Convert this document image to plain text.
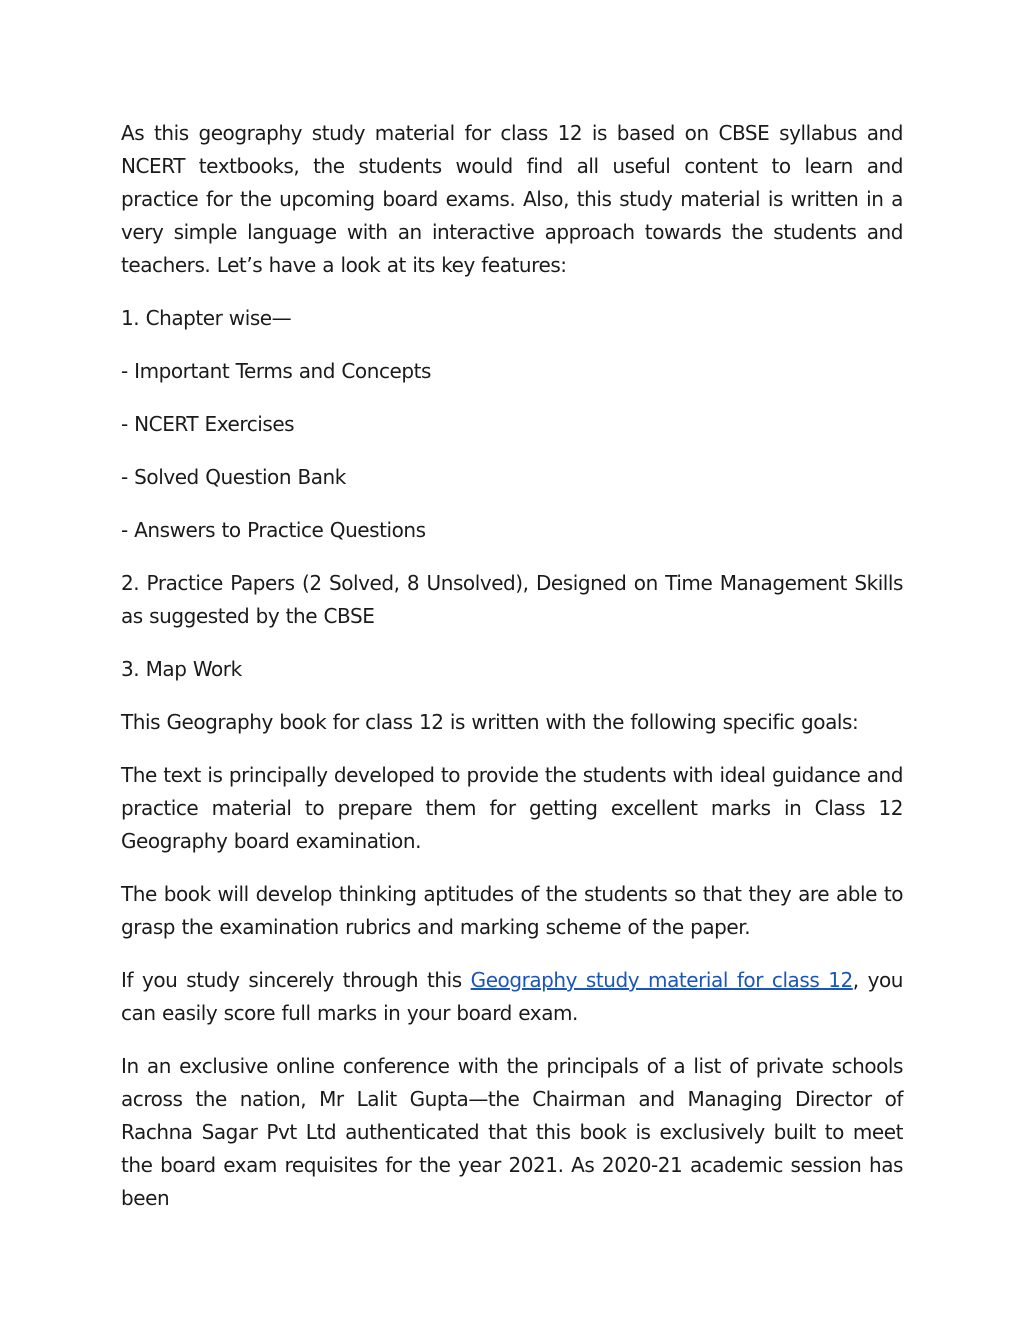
As this geography study material for class 12 is based on CBSE syllabus and NCERT textbooks, the students would find all useful content to learn and practice for the upcoming board exams. Also, this study material is written in a very simple language with an interactive approach towards the students and teachers. Let’s have a look at its key features:

1. Chapter wise—

- Important Terms and Concepts

- NCERT Exercises

- Solved Question Bank

- Answers to Practice Questions

2. Practice Papers (2 Solved, 8 Unsolved), Designed on Time Management Skills as suggested by the CBSE

3. Map Work

This Geography book for class 12 is written with the following specific goals:

The text is principally developed to provide the students with ideal guidance and practice material to prepare them for getting excellent marks in Class 12 Geography board examination.

The book will develop thinking aptitudes of the students so that they are able to grasp the examination rubrics and marking scheme of the paper.

If you study sincerely through this Geography study material for class 12, you can easily score full marks in your board exam.

In an exclusive online conference with the principals of a list of private schools across the nation, Mr Lalit Gupta—the Chairman and Managing Director of Rachna Sagar Pvt Ltd authenticated that this book is exclusively built to meet the board exam requisites for the year 2021. As 2020-21 academic session has been
